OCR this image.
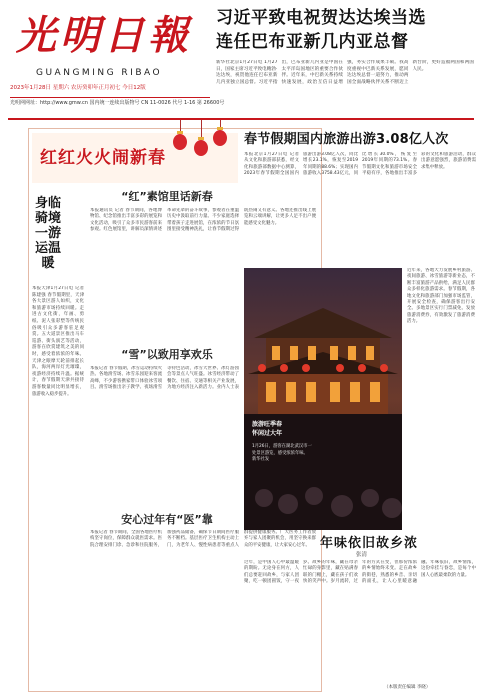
光明日報
GUANGMING RIBAO
2023年1月28日 星期六 农历癸卯年正月初七 今日12版
光明网网址：http://www.gmw.cn 国内统一连续出版物号 CN 11-0026 代号 1-16 第 26600号
习近平致电祝贺达达埃当选
连任巴布亚新几内亚总督
新华社北京1月27日电 1月27日，国家主席习近平致电鲍勃·达达埃，祝贺他连任巴布亚新几内亚独立国总督。习近平指出，巴布亚新几内亚是中国在太平洋岛国地区的重要合作伙伴。近年来，中巴新关系持续快速发展，政治互信日益增强，务实合作成果丰硕。我高度重视中巴新关系发展，愿同达达埃总督一道努力，推动两国全面战略伙伴关系不断迈上新台阶，更好造福两国和两国人民。
红红火火闹新春
身临
骑境
一游
运温
暖
本报天津1月27日电 记者陈建强 春节假期里，天津各大景区游人如织，文化和旅游市场持续回暖。走进古文化街，年画、剪纸、泥人张彩塑等传统民俗吸引众多游客驻足观赏。五大道景区推出马车巡游、街头演艺等活动，游客在欣赏建筑之美的同时，感受着浓浓的年味。天津之眼摩天轮前排起长队，海河两岸灯光璀璨，夜游经济持续升温。据统计，春节假期天津共接待游客数量同比明显增长，旅游收入稳步提升。
“红”素馆里话新春
本报通讯员 记者 春节期间，各地博物馆、纪念馆推出丰富多彩的展览和文化活动，吸引了众多市民游客前来参观。红色展馆里，讲解员深情讲述革命先辈的奋斗故事，参观者在重温历史中汲取前行力量。不少家庭选择带着孩子走进展馆，在浓浓的节日氛围里接受精神洗礼，让春节假期过得既热闹又有意义。各地还推出线上展览和云端讲解，让更多人足不出户便能感受文化魅力。
“雪”以致用享欢乐
本报记者 春节假期，冰雪运动持续火热。各地滑雪场、冰雪乐园迎来客流高峰，不少游客携家带口体验冰雪项目。滑雪场推出亲子教学、夜场滑雪等特色活动，冰雪大世界、冰灯游园会等景点人气旺盛。冰雪经济带动了餐饮、住宿、交通等相关产业发展，为地方经济注入新活力。业内人士表
安心过年有“医”靠
本报记者 春节期间，全国各地医疗机构坚守岗位，保障群众就医需求。医院合理安排门诊、急诊和住院服务，加强药品储备，确保节日期间医疗服务不断档。基层医疗卫生机构主动上门，为老年人、慢性病患者等重点人群提供健康服务。广大医务工作者放弃与家人团聚的机会，用坚守换来群众的平安健康，让大家安心过年。
春节假期国内旅游出游3.08亿人次
本报北京1月27日电 记者 从文化和旅游部获悉，经文化和旅游部数据中心测算，2023年春节假期全国国内旅游出游3.08亿人次，同比增长23.1%，恢复至2019年同期的88.6%；实现国内旅游收入3758.43亿元，同比增长30.0%，恢复至2019年同期的73.1%。春节假期文化和旅游市场安全平稳有序，各地推出丰富多彩的文化和旅游活动，群众出游意愿强烈，旅游消费需求集中释放。
旅游旺季春
怀闲过大年
1月26日，游客在湖北武汉市一处景区游览，感受浓浓年味。新华社发
近年来，各地大力发展乡村旅游、夜间旅游、冰雪旅游等新业态，不断丰富旅游产品供给，满足人民群众多样化旅游需求。春节假期，各地文化和旅游部门加强市场监管，开展安全检查，确保游客出行安全。多地景区实行门票减免、发放旅游消费券，有效激发了旅游消费活力。
年味依旧故乡浓
张清
过年，是中国人心中最温暖的期盼。无论身在何方，人们总要赶回故乡，与家人团聚，吃一顿团圆饭，守一夜岁。故乡的年味，藏在母亲忙碌的身影里，藏在贴满春联的门楣上，藏在孩子们欢快的笑声中。岁月流转，过年的方式在变，但那份浓浓的乡情始终未变。走在故乡的街巷，熟悉的乡音、亲切的面孔，让人心里暖意融融。年味依旧，故乡情浓，这份牵挂与眷恋，是每个中国人心底最柔软的力量。
（本版责任编辑 李晓）
